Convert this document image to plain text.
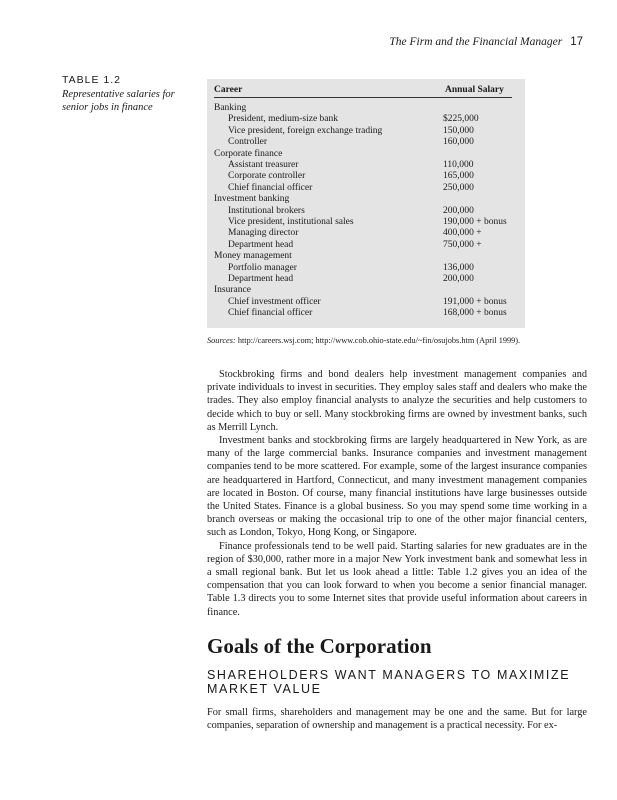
The Firm and the Financial Manager 17
TABLE 1.2
Representative salaries for senior jobs in finance
Career	Annual Salary
Banking
President, medium-size bank	$225,000
Vice president, foreign exchange trading	150,000
Controller	160,000
Corporate finance
Assistant treasurer	110,000
Corporate controller	165,000
Chief financial officer	250,000
Investment banking
Institutional brokers	200,000
Vice president, institutional sales	190,000 + bonus
Managing director	400,000 +
Department head	750,000 +
Money management
Portfolio manager	136,000
Department head	200,000
Insurance
Chief investment officer	191,000 + bonus
Chief financial officer	168,000 + bonus
Sources: http://careers.wsj.com; http://www.cob.ohio-state.edu/~fin/osujobs.htm (April 1999).

Stockbroking firms and bond dealers help investment management companies and private individuals to invest in securities. They employ sales staff and dealers who make the trades. They also employ financial analysts to analyze the securities and help customers to decide which to buy or sell. Many stockbroking firms are owned by investment banks, such as Merrill Lynch.

Investment banks and stockbroking firms are largely headquartered in New York, as are many of the large commercial banks. Insurance companies and investment management companies tend to be more scattered. For example, some of the largest insurance companies are headquartered in Hartford, Connecticut, and many investment management companies are located in Boston. Of course, many financial institutions have large businesses outside the United States. Finance is a global business. So you may spend some time working in a branch overseas or making the occasional trip to one of the other major financial centers, such as London, Tokyo, Hong Kong, or Singapore.

Finance professionals tend to be well paid. Starting salaries for new graduates are in the region of $30,000, rather more in a major New York investment bank and somewhat less in a small regional bank. But let us look ahead a little: Table 1.2 gives you an idea of the compensation that you can look forward to when you become a senior financial manager. Table 1.3 directs you to some Internet sites that provide useful information about careers in finance.

Goals of the Corporation
SHAREHOLDERS WANT MANAGERS TO MAXIMIZE MARKET VALUE

For small firms, shareholders and management may be one and the same. But for large companies, separation of ownership and management is a practical necessity. For ex-
